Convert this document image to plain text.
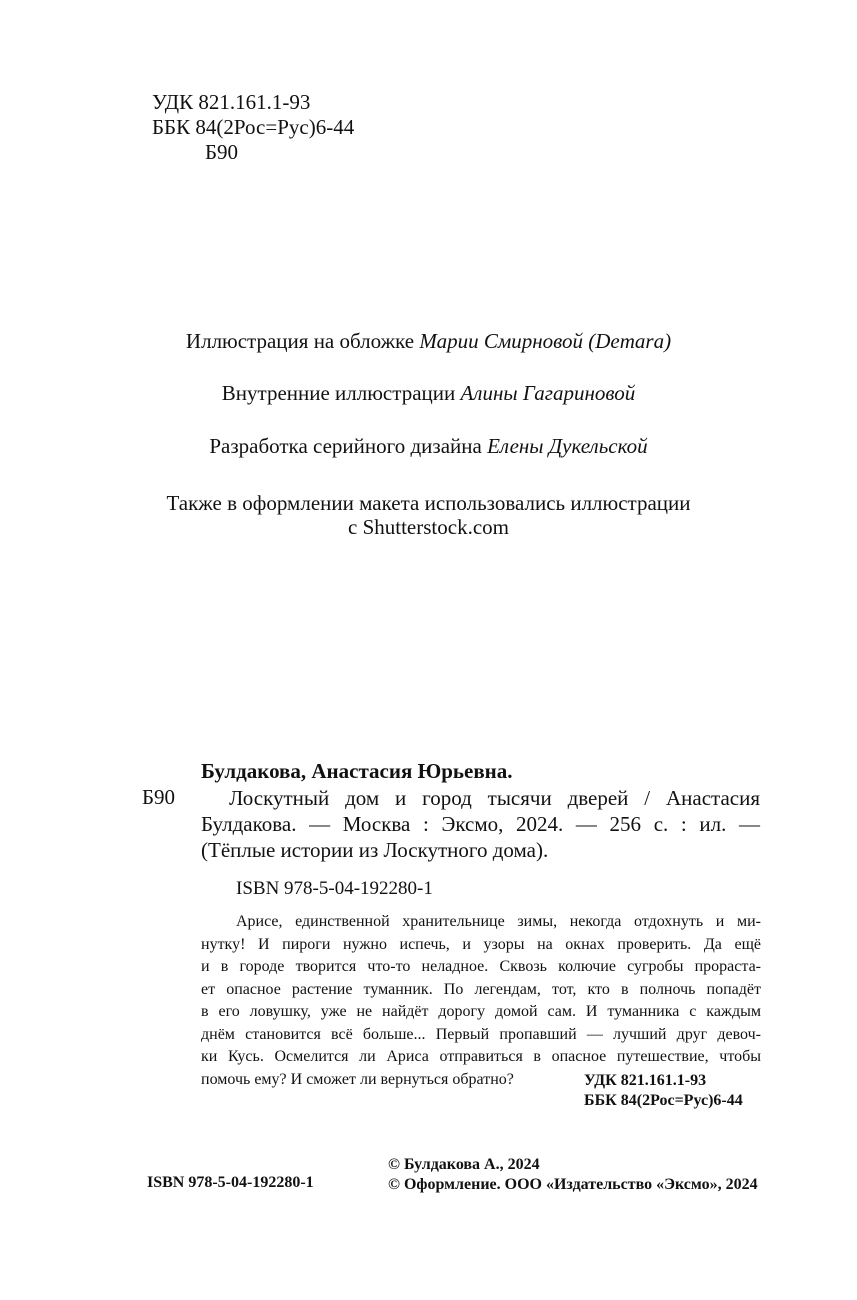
УДК 821.161.1-93
ББК 84(2Рос=Рус)6-44
Б90
Иллюстрация на обложке Марии Смирновой (Demara)
Внутренние иллюстрации Алины Гагариновой
Разработка серийного дизайна Елены Дукельской
Также в оформлении макета использовались иллюстрации
с Shutterstock.com
Булдакова, Анастасия Юрьевна.
Б90	Лоскутный дом и город тысячи дверей / Анастасия
Булдакова. — Москва : Эксмо, 2024. — 256 с. : ил. —
(Тёплые истории из Лоскутного дома).
ISBN 978-5-04-192280-1
Арисе, единственной хранительнице зимы, некогда отдохнуть и ми-
нутку! И пироги нужно испечь, и узоры на окнах проверить. Да ещё
и в городе творится что-то неладное. Сквозь колючие сугробы прораста-
ет опасное растение туманник. По легендам, тот, кто в полночь попадёт
в его ловушку, уже не найдёт дорогу домой сам. И туманника с каждым
днём становится всё больше... Первый пропавший — лучший друг девоч-
ки Кусь. Осмелится ли Ариса отправиться в опасное путешествие, чтобы
помочь ему? И сможет ли вернуться обратно?	УДК 821.161.1-93
ББК 84(2Рос=Рус)6-44
ISBN 978-5-04-192280-1
© Булдакова А., 2024
© Оформление. ООО «Издательство «Эксмо», 2024
